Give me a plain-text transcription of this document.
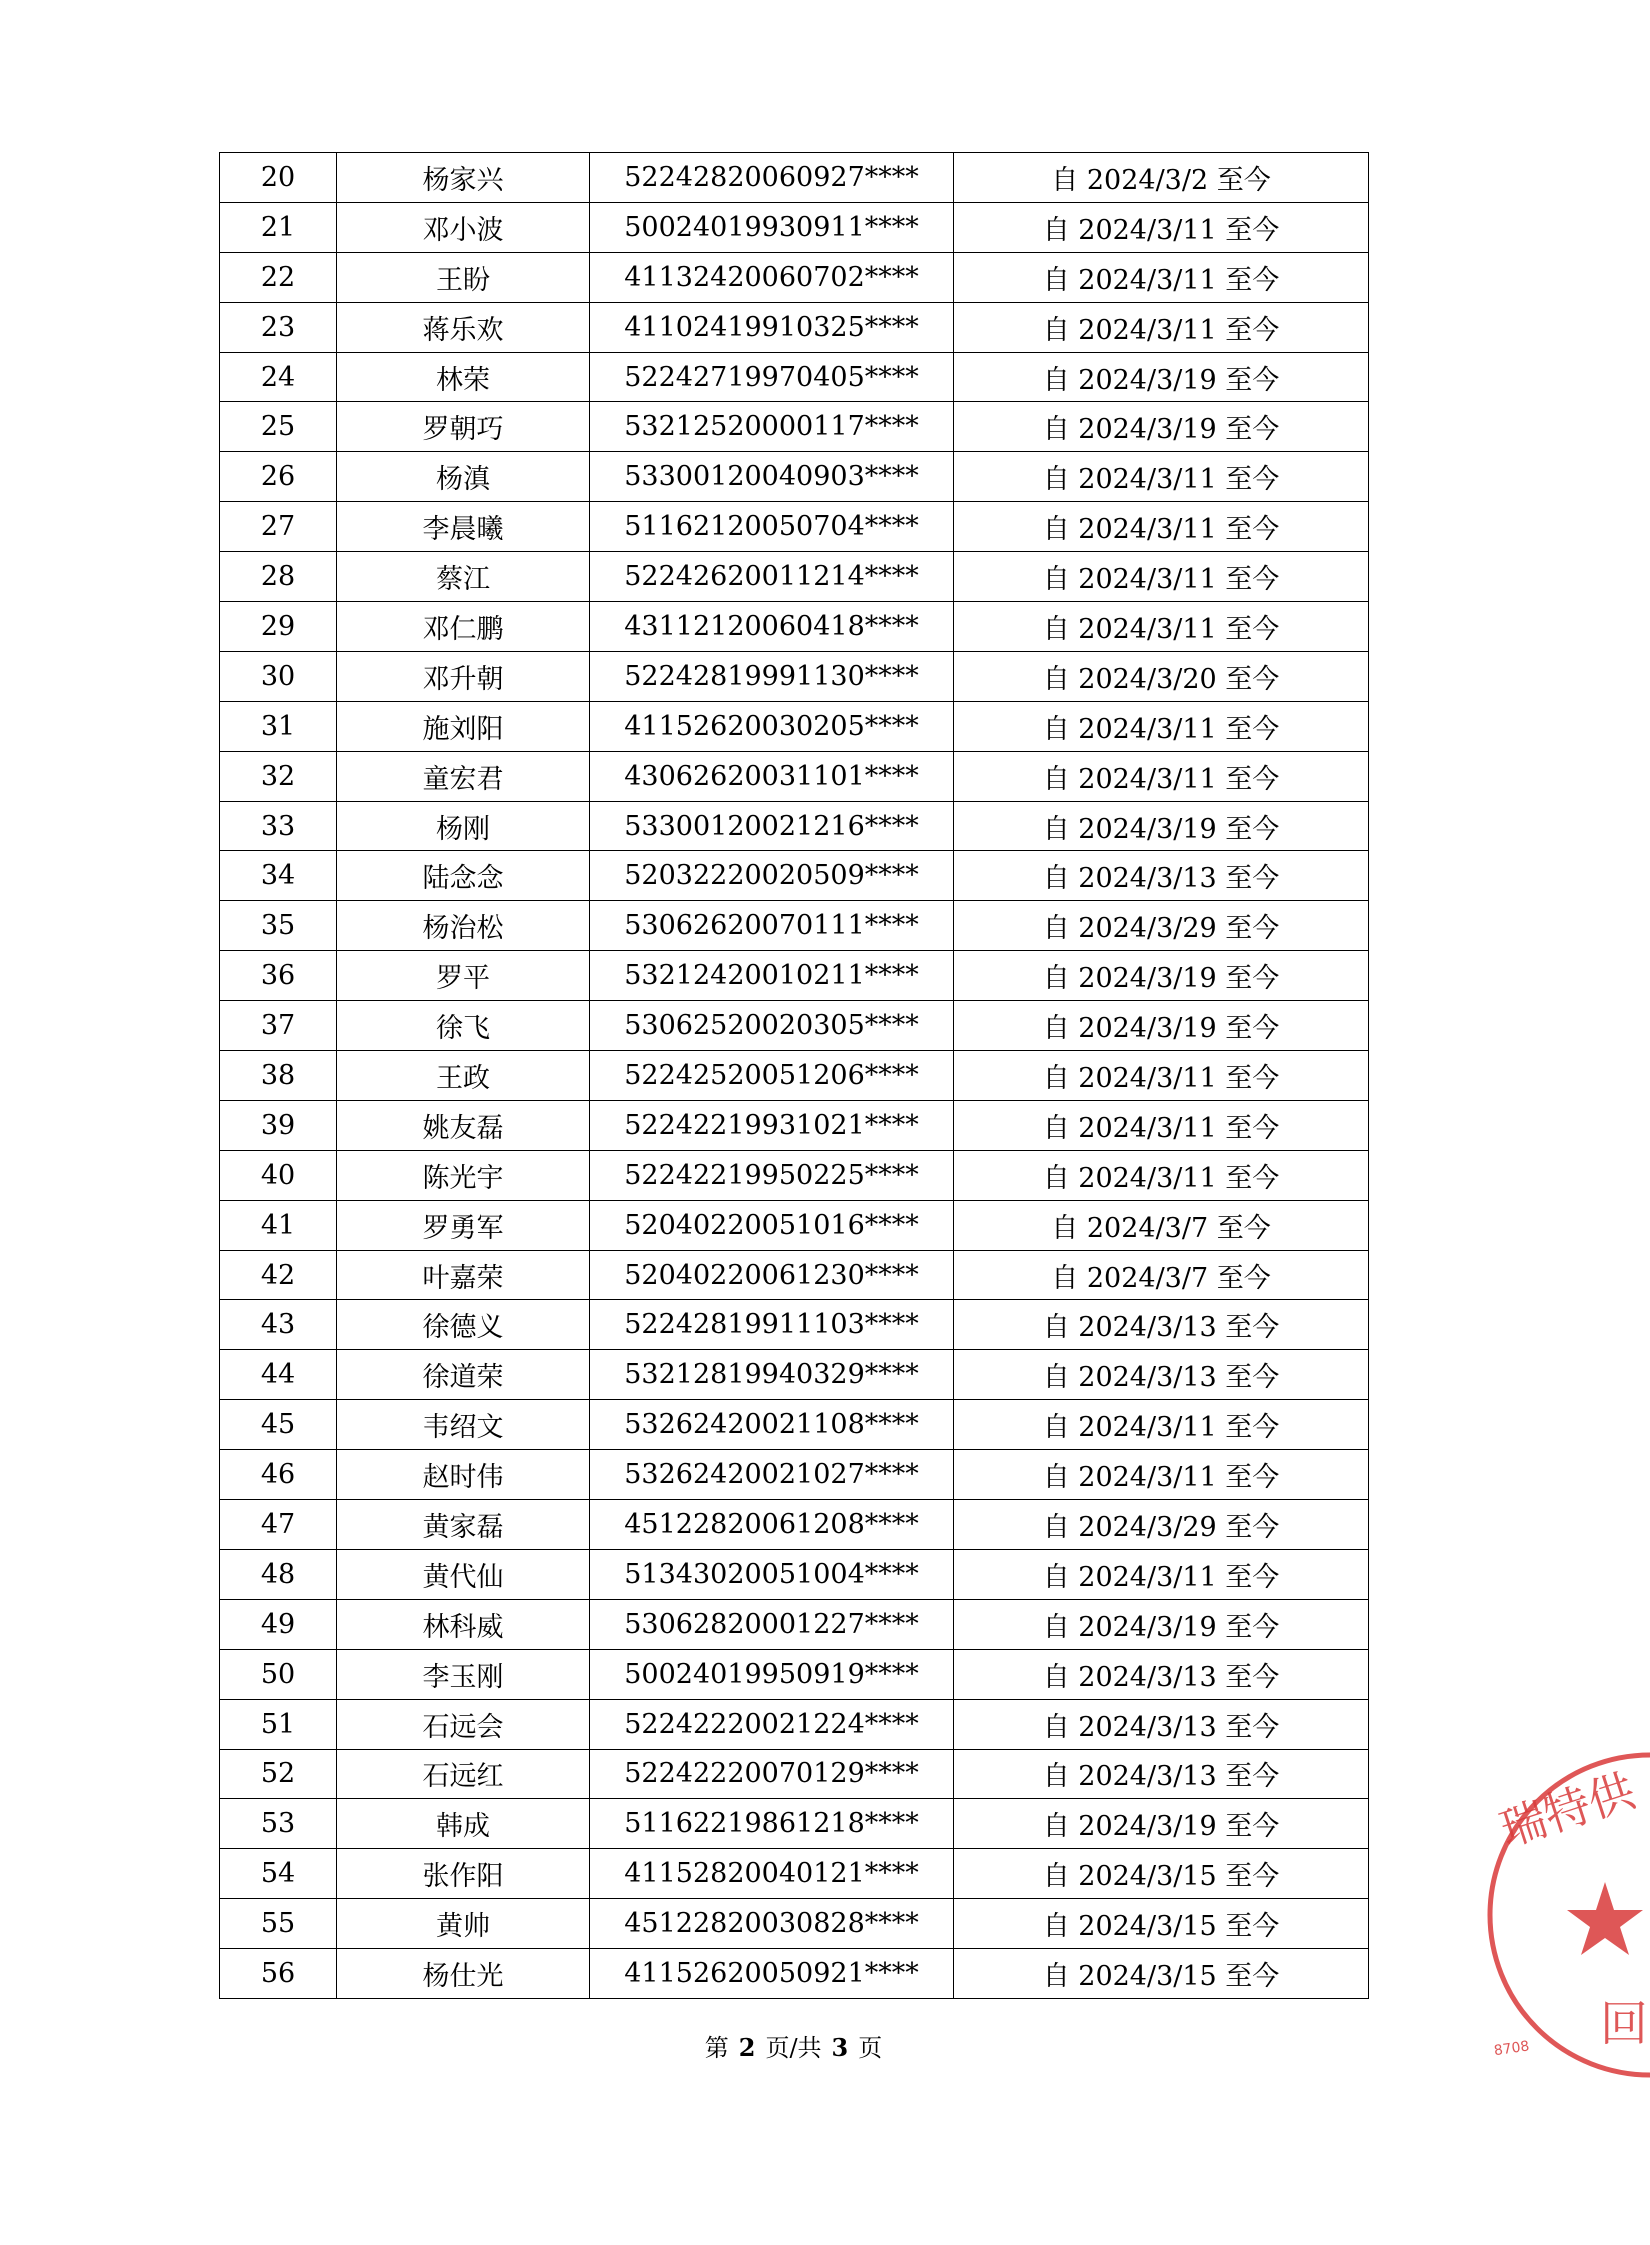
20	杨家兴	52242820060927****	自 2024/3/2 至今
21	邓小波	50024019930911****	自 2024/3/11 至今
22	王盼	41132420060702****	自 2024/3/11 至今
23	蒋乐欢	41102419910325****	自 2024/3/11 至今
24	林荣	52242719970405****	自 2024/3/19 至今
25	罗朝巧	53212520000117****	自 2024/3/19 至今
26	杨滇	53300120040903****	自 2024/3/11 至今
27	李晨曦	51162120050704****	自 2024/3/11 至今
28	蔡江	52242620011214****	自 2024/3/11 至今
29	邓仁鹏	43112120060418****	自 2024/3/11 至今
30	邓升朝	52242819991130****	自 2024/3/20 至今
31	施刘阳	41152620030205****	自 2024/3/11 至今
32	童宏君	43062620031101****	自 2024/3/11 至今
33	杨刚	53300120021216****	自 2024/3/19 至今
34	陆念念	52032220020509****	自 2024/3/13 至今
35	杨治松	53062620070111****	自 2024/3/29 至今
36	罗平	53212420010211****	自 2024/3/19 至今
37	徐飞	53062520020305****	自 2024/3/19 至今
38	王政	52242520051206****	自 2024/3/11 至今
39	姚友磊	52242219931021****	自 2024/3/11 至今
40	陈光宇	52242219950225****	自 2024/3/11 至今
41	罗勇军	52040220051016****	自 2024/3/7 至今
42	叶嘉荣	52040220061230****	自 2024/3/7 至今
43	徐德义	52242819911103****	自 2024/3/13 至今
44	徐道荣	53212819940329****	自 2024/3/13 至今
45	韦绍文	53262420021108****	自 2024/3/11 至今
46	赵时伟	53262420021027****	自 2024/3/11 至今
47	黄家磊	45122820061208****	自 2024/3/29 至今
48	黄代仙	51343020051004****	自 2024/3/11 至今
49	林科威	53062820001227****	自 2024/3/19 至今
50	李玉刚	50024019950919****	自 2024/3/13 至今
51	石远会	52242220021224****	自 2024/3/13 至今
52	石远红	52242220070129****	自 2024/3/13 至今
53	韩成	51162219861218****	自 2024/3/19 至今
54	张作阳	41152820040121****	自 2024/3/15 至今
55	黄帅	45122820030828****	自 2024/3/15 至今
56	杨仕光	41152620050921****	自 2024/3/15 至今
第 2 页/共 3 页
瑞特供
回
8708
